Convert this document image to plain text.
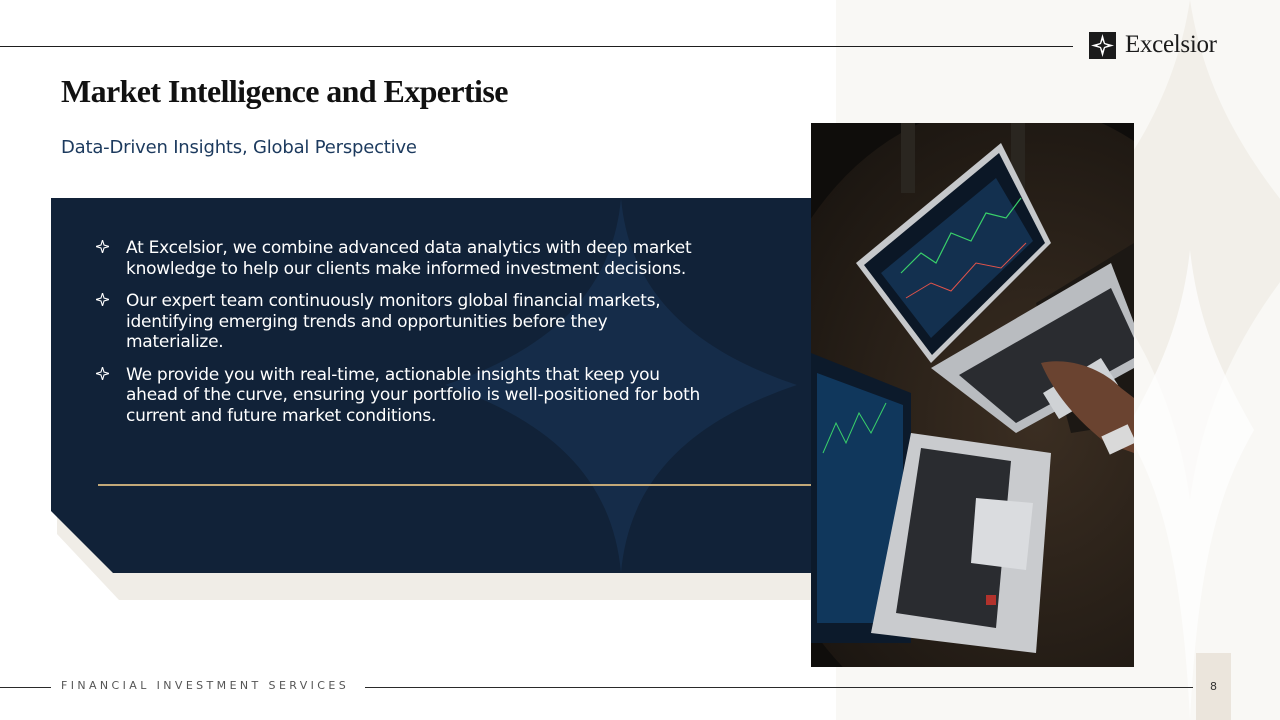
Excelsior
Market Intelligence and Expertise
Data-Driven Insights, Global Perspective
At Excelsior, we combine advanced data analytics with deep market knowledge to help our clients make informed investment decisions.
Our expert team continuously monitors global financial markets, identifying emerging trends and opportunities before they materialize.
We provide you with real-time, actionable insights that keep you ahead of the curve, ensuring your portfolio is well-positioned for both current and future market conditions.
FINANCIAL INVESTMENT SERVICES	8
